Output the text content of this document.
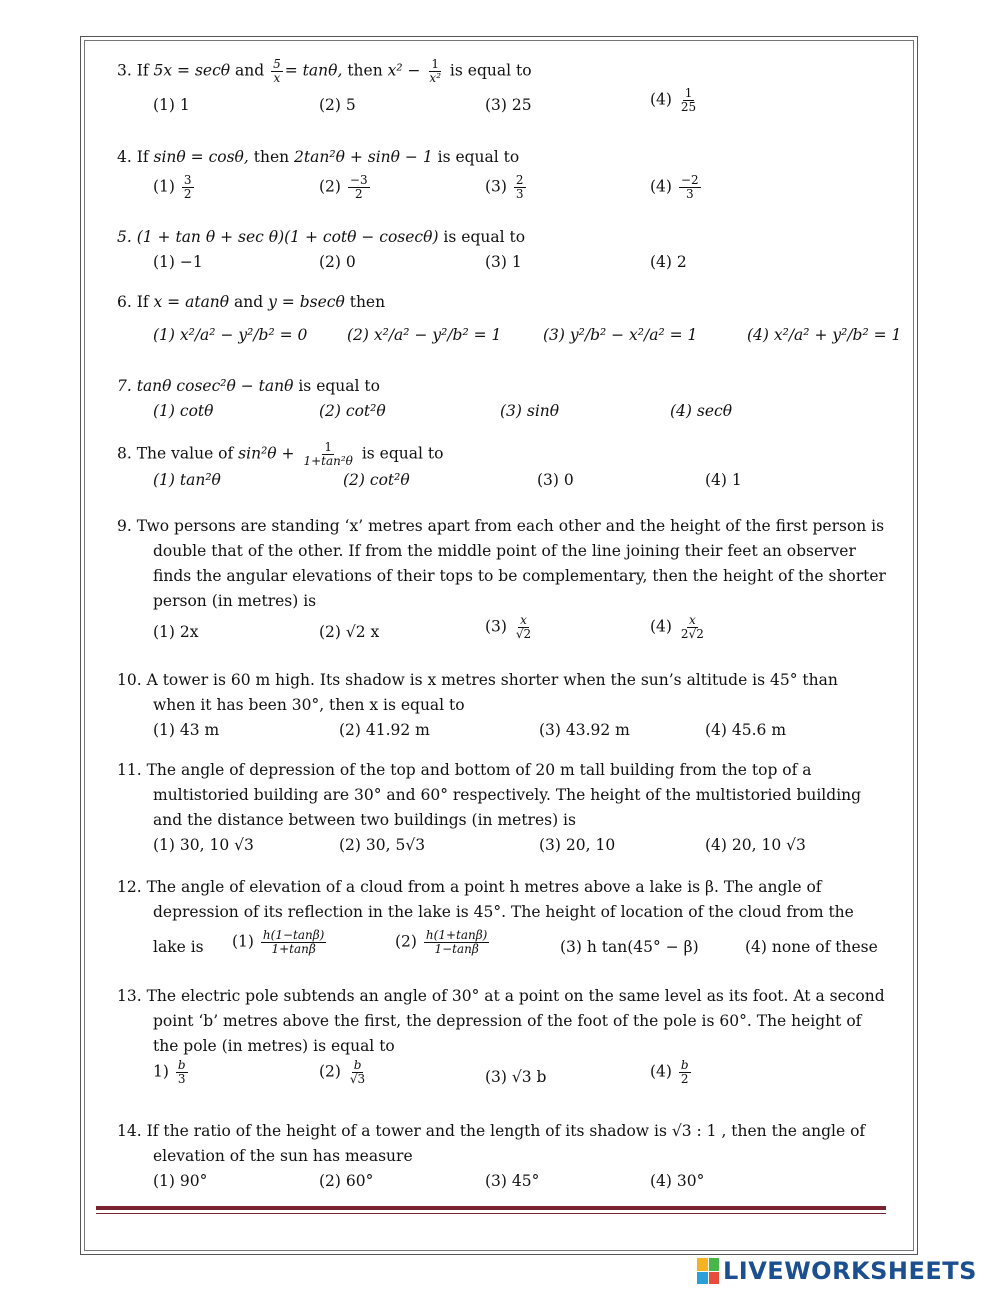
3. If 5x = secθ and $\frac{5}{x} = \tan\theta$, then $x^2 - \frac{1}{\text{x²}}$ is equal to
(1) 1	(2) 5	(3) 25	$(4) \frac{1}{25}$
4. If sinθ = cosθ, then 2tan²θ + sinθ − 1 is equal to
$(1) \frac{3}{2}$	$(2) \frac{-3}{2}$	$(3) \frac{2}{3}$	$(4) \frac{-2}{3}$
5. (1 + tan θ + sec θ)(1 + cotθ − cosecθ) is equal to
(1) −1	(2) 0	(3) 1	(4) 2
6. If x = atanθ and y = bsecθ then
(1) x²/a² − y²/b² = 0	(2) x²/a² − y²/b² = 1	(3) y²/b² − x²/a² = 1	(4) x²/a² + y²/b² = 1
7. tanθ cosec²θ − tanθ is equal to
(1) cotθ	(2) cot²θ	(3) sinθ	(4) secθ
8. The value of $\sin^2\theta + \frac{1}{\text{1+tan²θ}}$ is equal to
(1) tan²θ	(2) cot²θ	(3) 0	(4) 1
9. Two persons are standing ‘x’ metres apart from each other and the height of the first person is
double that of the other. If from the middle point of the line joining their feet an observer
finds the angular elevations of their tops to be complementary, then the height of the shorter
person (in metres) is
(1) 2x	(2) √2 x	$(3) \frac{x}{√2}$	$(4) \frac{x}{2√2}$
10. A tower is 60 m high. Its shadow is x metres shorter when the sun’s altitude is 45° than
when it has been 30°, then x is equal to
(1) 43 m	(2) 41.92 m	(3) 43.92 m	(4) 45.6 m
11. The angle of depression of the top and bottom of 20 m tall building from the top of a
multistoried building are 30° and 60° respectively. The height of the multistoried building
and the distance between two buildings (in metres) is
(1) 30, 10 √3	(2) 30, 5√3	(3) 20, 10	(4) 20, 10 √3
12. The angle of elevation of a cloud from a point h metres above a lake is β. The angle of
depression of its reflection in the lake is 45°. The height of location of the cloud from the
lake is $(1) \frac{h(1-\tan\beta)}{1+\tan\beta}$	$(2) \frac{h(1+\tan\beta)}{1-\tan\beta}$	(3) h tan(45° − β)	(4) none of these
13. The electric pole subtends an angle of 30° at a point on the same level as its foot. At a second
point ‘b’ metres above the first, the depression of the foot of the pole is 60°. The height of
the pole (in metres) is equal to
$1) \frac{b}{3}$	$(2) \frac{b}{√3}$	(3) √3 b	$(4) \frac{b}{2}$
14. If the ratio of the height of a tower and the length of its shadow is √3 : 1 , then the angle of
elevation of the sun has measure
(1) 90°	(2) 60°	(3) 45°	(4) 30°
LIVEWORKSHEETS
